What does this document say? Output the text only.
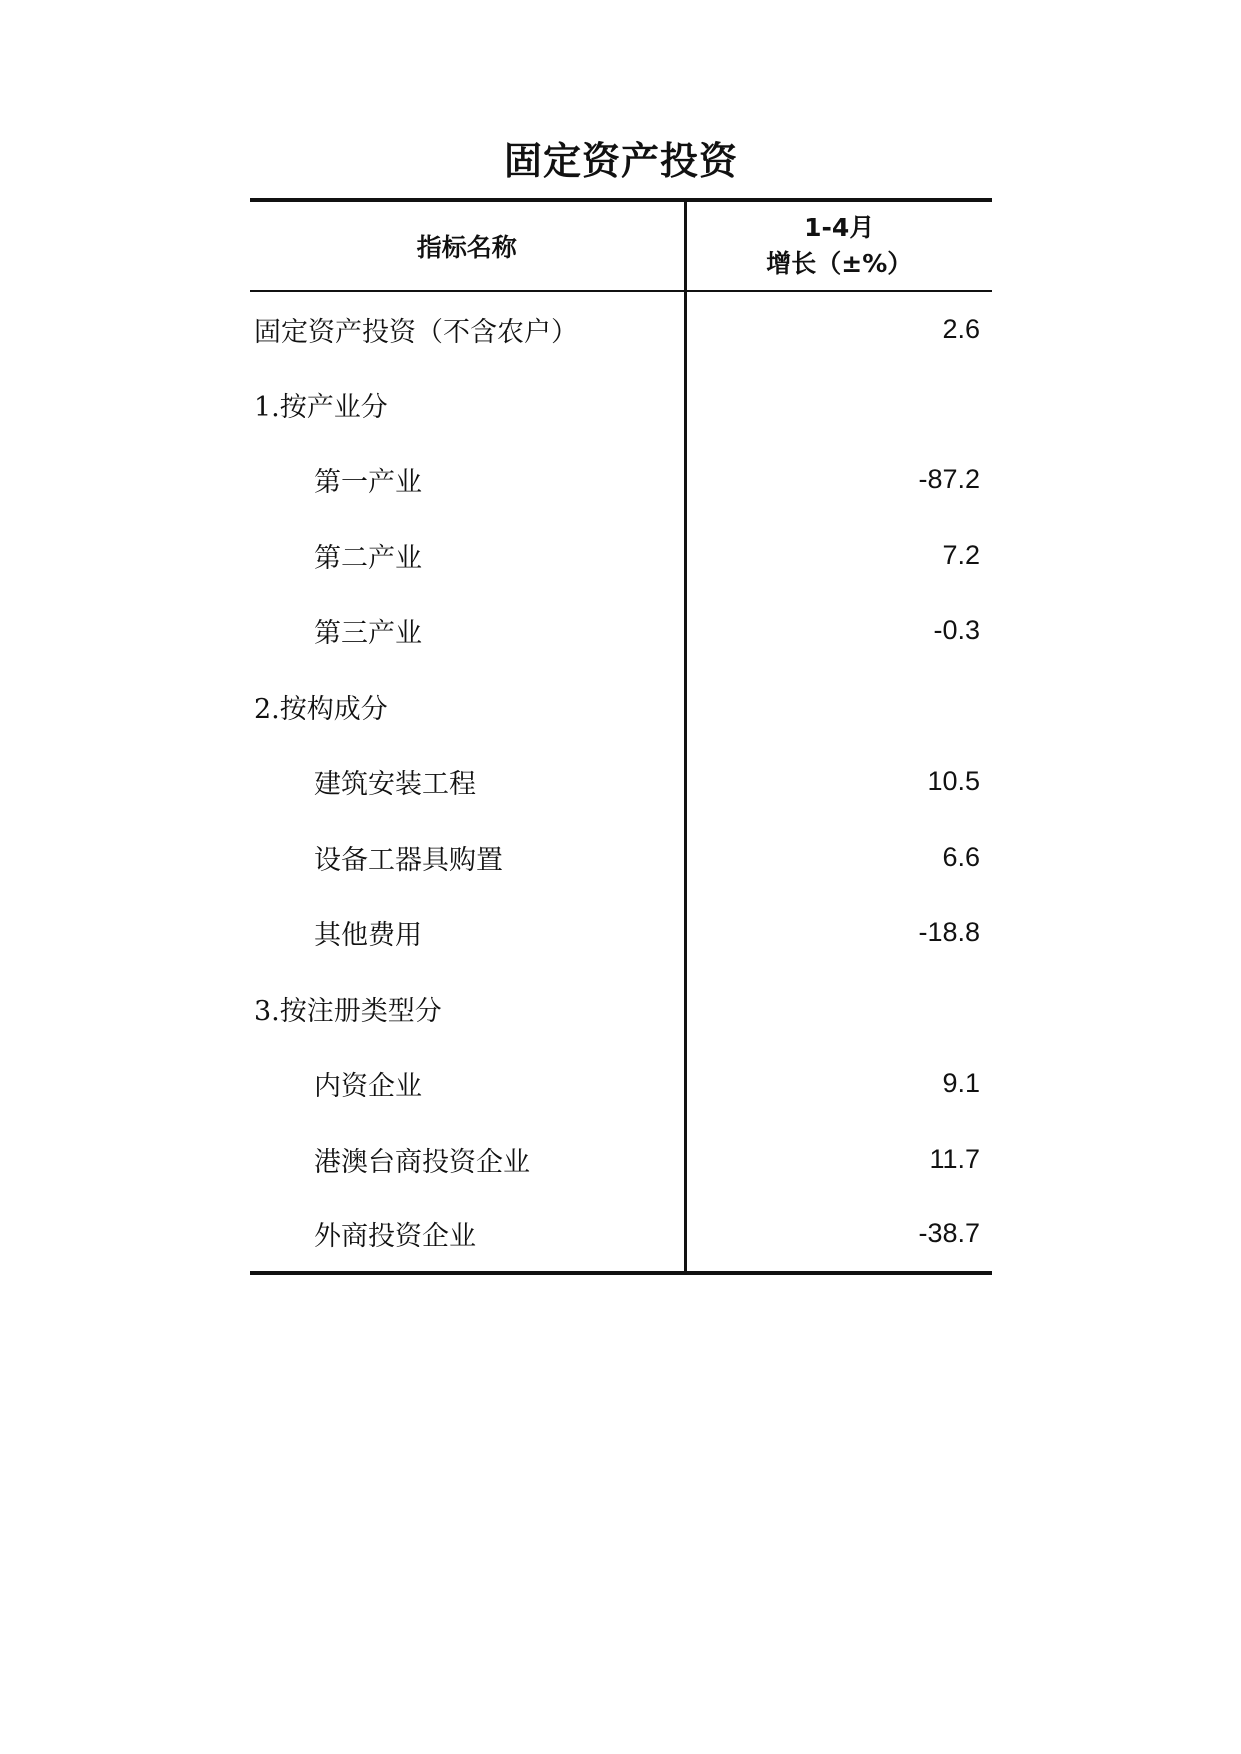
固定资产投资
指标名称	1-4月
增长（±%）

固定资产投资（不含农户）	2.6
1.按产业分	
第一产业	-87.2
第二产业	7.2
第三产业	-0.3
2.按构成分	
建筑安装工程	10.5
设备工器具购置	6.6
其他费用	-18.8
3.按注册类型分	
内资企业	9.1
港澳台商投资企业	11.7
外商投资企业	-38.7
